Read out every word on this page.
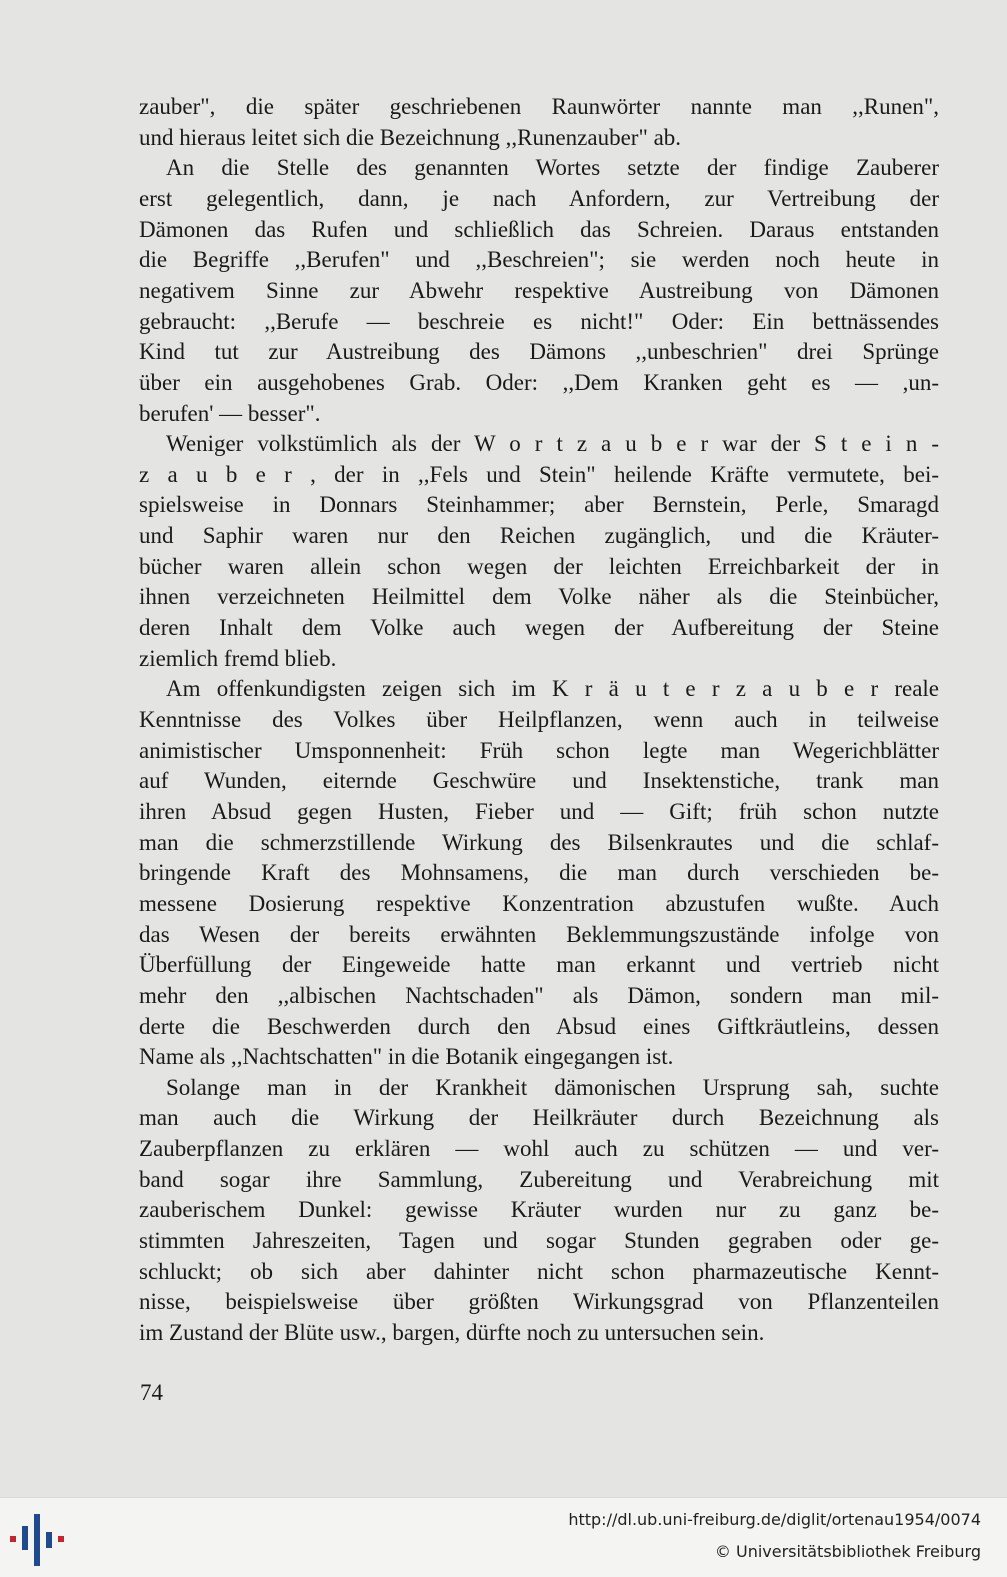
zauber", die später geschriebenen Raunwörter nannte man ,,Runen",
und hieraus leitet sich die Bezeichnung ,,Runenzauber" ab.
An die Stelle des genannten Wortes setzte der findige Zauberer
erst gelegentlich, dann, je nach Anfordern, zur Vertreibung der
Dämonen das Rufen und schließlich das Schreien. Daraus entstanden
die Begriffe ,,Berufen" und ,,Beschreien"; sie werden noch heute in
negativem Sinne zur Abwehr respektive Austreibung von Dämonen
gebraucht: ,,Berufe — beschreie es nicht!" Oder: Ein bettnässendes
Kind tut zur Austreibung des Dämons ,,unbeschrien" drei Sprünge
über ein ausgehobenes Grab. Oder: ,,Dem Kranken geht es — ,un-
berufen' — besser".
Weniger volkstümlich als der W o r t z a u b e r war der S t e i n -
z a u b e r , der in ,,Fels und Stein" heilende Kräfte vermutete, bei-
spielsweise in Donnars Steinhammer; aber Bernstein, Perle, Smaragd
und Saphir waren nur den Reichen zugänglich, und die Kräuter-
bücher waren allein schon wegen der leichten Erreichbarkeit der in
ihnen verzeichneten Heilmittel dem Volke näher als die Steinbücher,
deren Inhalt dem Volke auch wegen der Aufbereitung der Steine
ziemlich fremd blieb.
Am offenkundigsten zeigen sich im K r ä u t e r z a u b e r reale
Kenntnisse des Volkes über Heilpflanzen, wenn auch in teilweise
animistischer Umsponnenheit: Früh schon legte man Wegerichblätter
auf Wunden, eiternde Geschwüre und Insektenstiche, trank man
ihren Absud gegen Husten, Fieber und — Gift; früh schon nutzte
man die schmerzstillende Wirkung des Bilsenkrautes und die schlaf-
bringende Kraft des Mohnsamens, die man durch verschieden be-
messene Dosierung respektive Konzentration abzustufen wußte. Auch
das Wesen der bereits erwähnten Beklemmungszustände infolge von
Überfüllung der Eingeweide hatte man erkannt und vertrieb nicht
mehr den ,,albischen Nachtschaden" als Dämon, sondern man mil-
derte die Beschwerden durch den Absud eines Giftkräutleins, dessen
Name als ,,Nachtschatten" in die Botanik eingegangen ist.
Solange man in der Krankheit dämonischen Ursprung sah, suchte
man auch die Wirkung der Heilkräuter durch Bezeichnung als
Zauberpflanzen zu erklären — wohl auch zu schützen — und ver-
band sogar ihre Sammlung, Zubereitung und Verabreichung mit
zauberischem Dunkel: gewisse Kräuter wurden nur zu ganz be-
stimmten Jahreszeiten, Tagen und sogar Stunden gegraben oder ge-
schluckt; ob sich aber dahinter nicht schon pharmazeutische Kennt-
nisse, beispielsweise über größten Wirkungsgrad von Pflanzenteilen
im Zustand der Blüte usw., bargen, dürfte noch zu untersuchen sein.
74
http://dl.ub.uni-freiburg.de/diglit/ortenau1954/0074
© Universitätsbibliothek Freiburg
